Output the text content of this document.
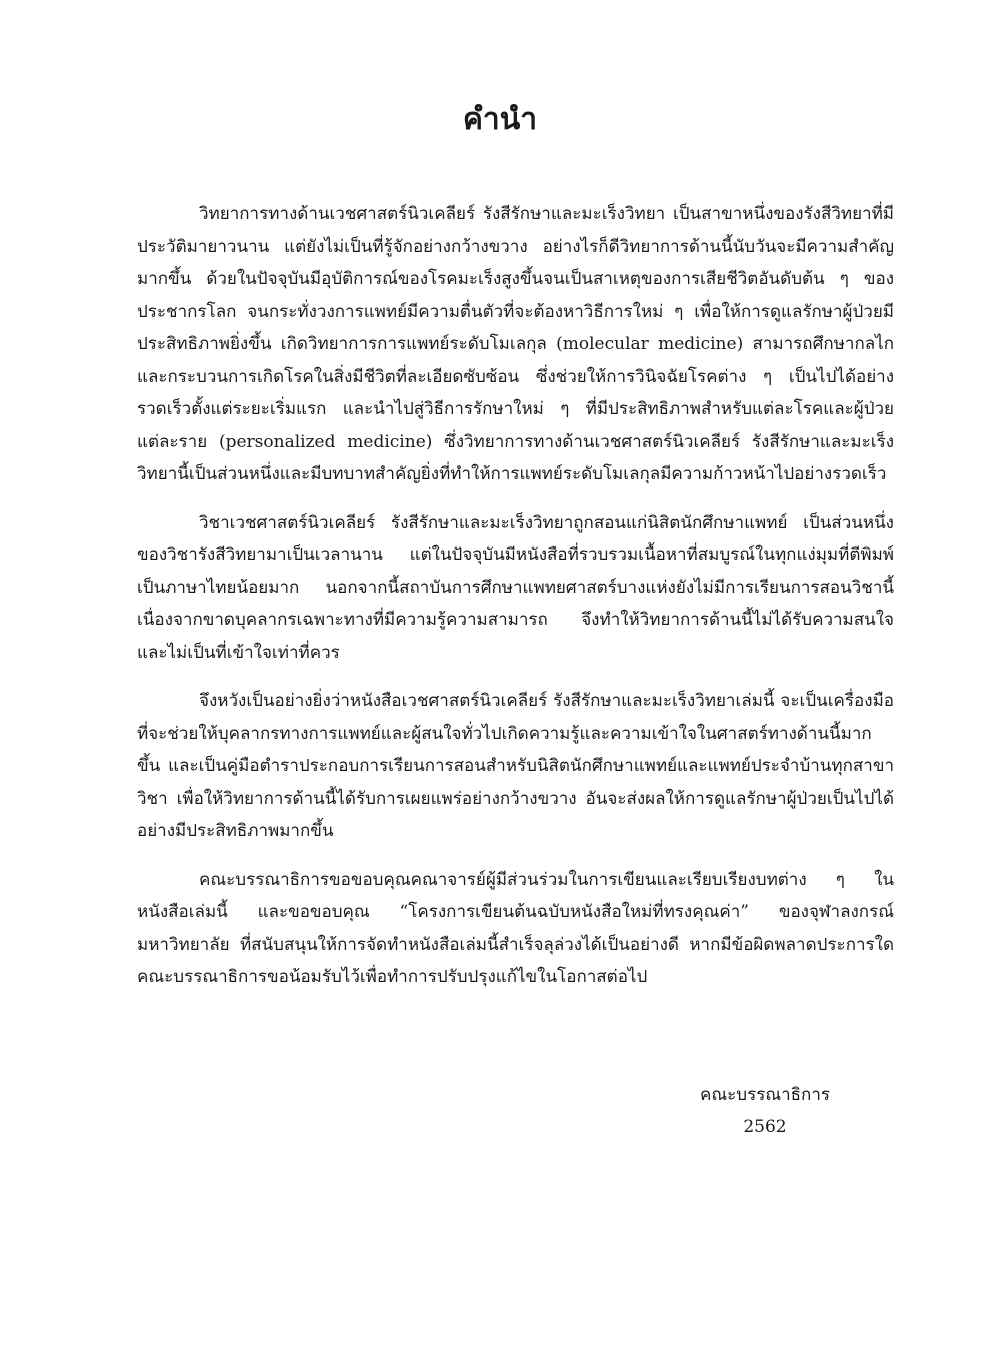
คำนำ

วิทยาการทางด้านเวชศาสตร์นิวเคลียร์ รังสีรักษาและมะเร็งวิทยา เป็นสาขาหนึ่งของรังสีวิทยาที่มีประวัติมายาวนาน แต่ยังไม่เป็นที่รู้จักอย่างกว้างขวาง อย่างไรก็ดีวิทยาการด้านนี้นับวันจะมีความสำคัญมากขึ้น ด้วยในปัจจุบันมีอุบัติการณ์ของโรคมะเร็งสูงขึ้นจนเป็นสาเหตุของการเสียชีวิตอันดับต้น ๆ ของประชากรโลก จนกระทั่งวงการแพทย์มีความตื่นตัวที่จะต้องหาวิธีการใหม่ ๆ เพื่อให้การดูแลรักษาผู้ป่วยมีประสิทธิภาพยิ่งขึ้น เกิดวิทยาการการแพทย์ระดับโมเลกุล (molecular medicine) สามารถศึกษากลไกและกระบวนการเกิดโรคในสิ่งมีชีวิตที่ละเอียดซับซ้อน ซึ่งช่วยให้การวินิจฉัยโรคต่าง ๆ เป็นไปได้อย่างรวดเร็วตั้งแต่ระยะเริ่มแรก และนำไปสู่วิธีการรักษาใหม่ ๆ ที่มีประสิทธิภาพสำหรับแต่ละโรคและผู้ป่วยแต่ละราย (personalized medicine) ซึ่งวิทยาการทางด้านเวชศาสตร์นิวเคลียร์ รังสีรักษาและมะเร็งวิทยานี้เป็นส่วนหนึ่งและมีบทบาทสำคัญยิ่งที่ทำให้การแพทย์ระดับโมเลกุลมีความก้าวหน้าไปอย่างรวดเร็ว

วิชาเวชศาสตร์นิวเคลียร์ รังสีรักษาและมะเร็งวิทยาถูกสอนแก่นิสิตนักศึกษาแพทย์ เป็นส่วนหนึ่งของวิชารังสีวิทยามาเป็นเวลานาน แต่ในปัจจุบันมีหนังสือที่รวบรวมเนื้อหาที่สมบูรณ์ในทุกแง่มุมที่ตีพิมพ์เป็นภาษาไทยน้อยมาก นอกจากนี้สถาบันการศึกษาแพทยศาสตร์บางแห่งยังไม่มีการเรียนการสอนวิชานี้ เนื่องจากขาดบุคลากรเฉพาะทางที่มีความรู้ความสามารถ จึงทำให้วิทยาการด้านนี้ไม่ได้รับความสนใจและไม่เป็นที่เข้าใจเท่าที่ควร

จึงหวังเป็นอย่างยิ่งว่าหนังสือเวชศาสตร์นิวเคลียร์ รังสีรักษาและมะเร็งวิทยาเล่มนี้ จะเป็นเครื่องมือที่จะช่วยให้บุคลากรทางการแพทย์และผู้สนใจทั่วไปเกิดความรู้และความเข้าใจในศาสตร์ทางด้านนี้มากขึ้น และเป็นคู่มือตำราประกอบการเรียนการสอนสำหรับนิสิตนักศึกษาแพทย์และแพทย์ประจำบ้านทุกสาขาวิชา เพื่อให้วิทยาการด้านนี้ได้รับการเผยแพร่อย่างกว้างขวาง อันจะส่งผลให้การดูแลรักษาผู้ป่วยเป็นไปได้อย่างมีประสิทธิภาพมากขึ้น

คณะบรรณาธิการขอขอบคุณคณาจารย์ผู้มีส่วนร่วมในการเขียนและเรียบเรียงบทต่าง ๆ ในหนังสือเล่มนี้ และขอขอบคุณ “โครงการเขียนต้นฉบับหนังสือใหม่ที่ทรงคุณค่า” ของจุฬาลงกรณ์มหาวิทยาลัย ที่สนับสนุนให้การจัดทำหนังสือเล่มนี้สำเร็จลุล่วงได้เป็นอย่างดี หากมีข้อผิดพลาดประการใด คณะบรรณาธิการขอน้อมรับไว้เพื่อทำการปรับปรุงแก้ไขในโอกาสต่อไป

คณะบรรณาธิการ
2562
